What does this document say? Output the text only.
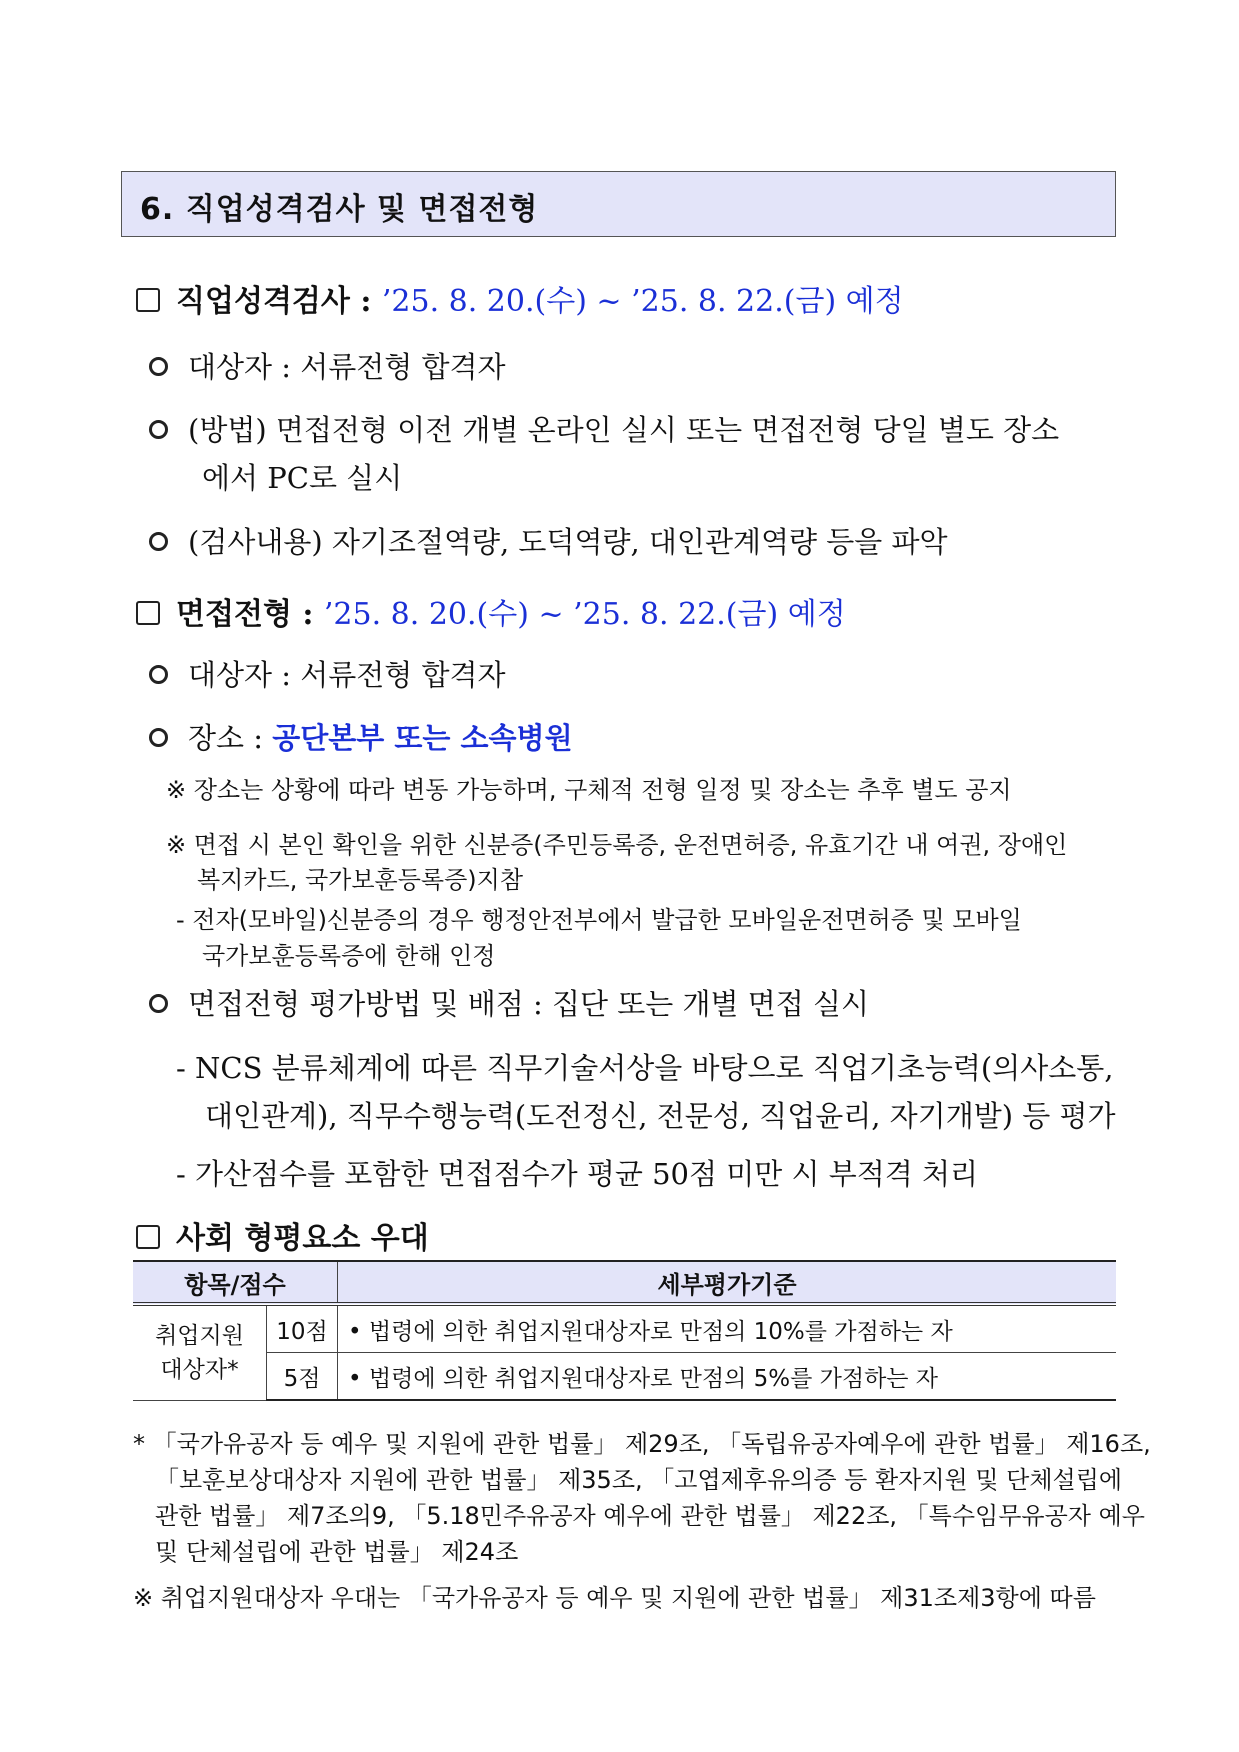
6. 직업성격검사 및 면접전형
직업성격검사 : ’25. 8. 20.(수) ~ ’25. 8. 22.(금) 예정
대상자 : 서류전형 합격자
(방법) 면접전형 이전 개별 온라인 실시 또는 면접전형 당일 별도 장소
에서 PC로 실시
(검사내용) 자기조절역량, 도덕역량, 대인관계역량 등을 파악
면접전형 : ’25. 8. 20.(수) ~ ’25. 8. 22.(금) 예정
대상자 : 서류전형 합격자
장소 : 공단본부 또는 소속병원
※ 장소는 상황에 따라 변동 가능하며, 구체적 전형 일정 및 장소는 추후 별도 공지
※ 면접 시 본인 확인을 위한 신분증(주민등록증, 운전면허증, 유효기간 내 여권, 장애인
복지카드, 국가보훈등록증)지참
- 전자(모바일)신분증의 경우 행정안전부에서 발급한 모바일운전면허증 및 모바일
국가보훈등록증에 한해 인정
면접전형 평가방법 및 배점 : 집단 또는 개별 면접 실시
- NCS 분류체계에 따른 직무기술서상을 바탕으로 직업기초능력(의사소통,
대인관계), 직무수행능력(도전정신, 전문성, 직업윤리, 자기개발) 등 평가
- 가산점수를 포함한 면접점수가 평균 50점 미만 시 부적격 처리
사회 형평요소 우대
항목/점수		세부평가기준
취업지원
대상자*	10점	• 법령에 의한 취업지원대상자로 만점의 10%를 가점하는 자
	5점	• 법령에 의한 취업지원대상자로 만점의 5%를 가점하는 자
* 「국가유공자 등 예우 및 지원에 관한 법률」 제29조, 「독립유공자예우에 관한 법률」 제16조,
「보훈보상대상자 지원에 관한 법률」 제35조, 「고엽제후유의증 등 환자지원 및 단체설립에
관한 법률」 제7조의9, 「5.18민주유공자 예우에 관한 법률」 제22조, 「특수임무유공자 예우
및 단체설립에 관한 법률」 제24조
※ 취업지원대상자 우대는 「국가유공자 등 예우 및 지원에 관한 법률」 제31조제3항에 따름
